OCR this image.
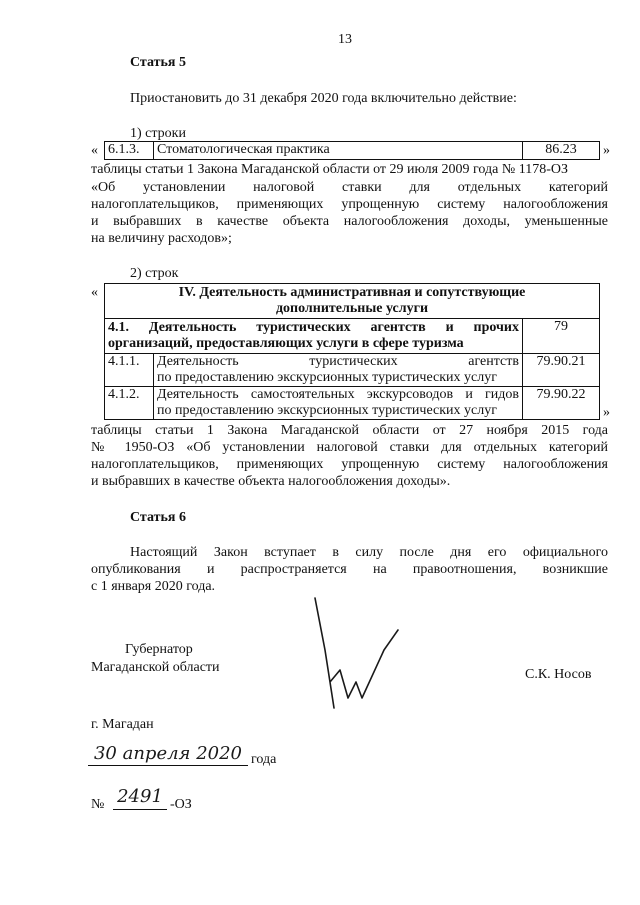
13
Статья 5
Приостановить до 31 декабря 2020 года включительно действие:
1) строки
« 6.1.3.	Стоматологическая практика	86.23 »
таблицы статьи 1 Закона Магаданской области от 29 июля 2009 года № 1178-ОЗ
«Об установлении налоговой ставки для отдельных категорий
налогоплательщиков, применяющих упрощенную систему налогообложения
и выбравших в качестве объекта налогообложения доходы, уменьшенные
на величину расходов»;
2) строк
«	IV. Деятельность административная и сопутствующие
дополнительные услуги		

4.1. Деятельность туристических агентств и прочих
организаций, предоставляющих услуги в сфере туризма		79
4.1.1.	Деятельность туристических агентств
по предоставлению экскурсионных туристических услуг	79.90.21
4.1.2.	Деятельность самостоятельных экскурсоводов и гидов
по предоставлению экскурсионных туристических услуг	79.90.22
»
таблицы статьи 1 Закона Магаданской области от 27 ноября 2015 года
№ 1950-ОЗ «Об установлении налоговой ставки для отдельных категорий
налогоплательщиков, применяющих упрощенную систему налогообложения
и выбравших в качестве объекта налогообложения доходы».
Статья 6
Настоящий Закон вступает в силу после дня его официального
опубликования и распространяется на правоотношения, возникшие
с 1 января 2020 года.
Губернатор
Магаданской области	С.К. Носов
г. Магадан
30 апреля 2020 года
№ 2491 -ОЗ
